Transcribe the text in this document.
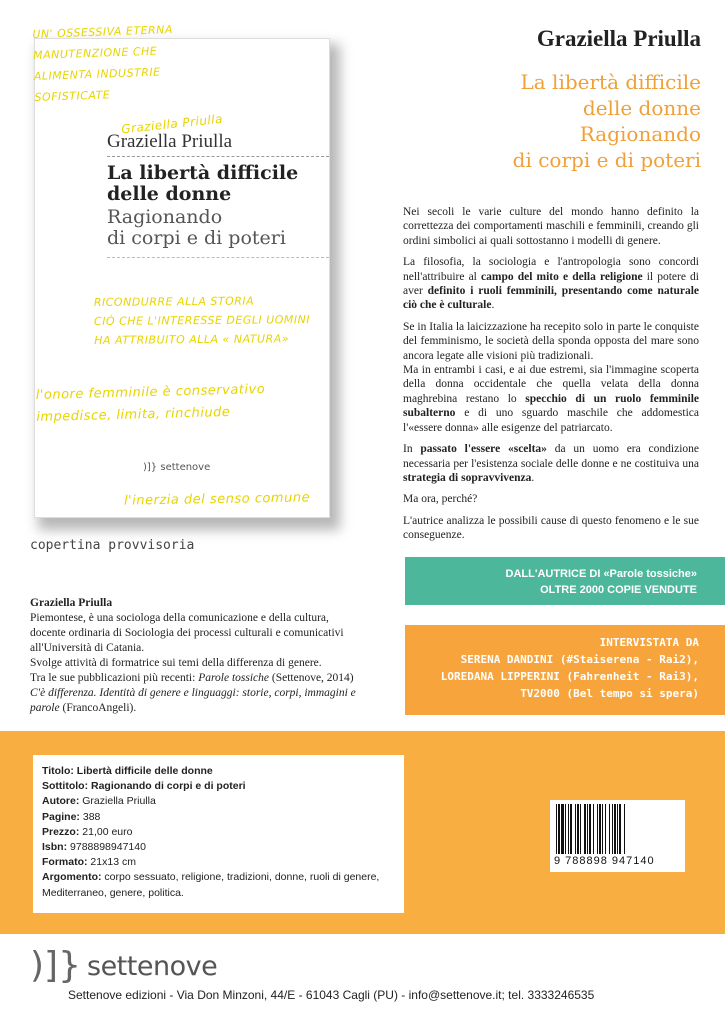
Graziella Priulla
Graziella Priulla
La libertà difficile
delle donne
Ragionando
di corpi e di poteri
)]} settenove
UN' OSSESSIVA ETERNA
MANUTENZIONE CHE
ALIMENTA INDUSTRIE
SOFISTICATE
RICONDURRE ALLA STORIA
CIÒ CHE L'INTERESSE DEGLI UOMINI
HA ATTRIBUITO ALLA « NATURA»
l'onore femminile è conservativo
impedisce, limita, rinchiude
l'inerzia del senso comune
copertina provvisoria
Graziella Priulla
Piemontese, è una sociologa della comunicazione e della cultura, docente ordinaria di Sociologia dei processi culturali e comunicativi all'Università di Catania.
Svolge attività di formatrice sui temi della differenza di genere.
Tra le sue pubblicazioni più recenti: Parole tossiche (Settenove, 2014) C'è differenza. Identità di genere e linguaggi: storie, corpi, immagini e parole (FrancoAngeli).
Graziella Priulla
La libertà difficile
delle donne
Ragionando
di corpi e di poteri

Nei secoli le varie culture del mondo hanno definito la correttezza dei comportamenti maschili e femminili, creando gli ordini simbolici ai quali sottostanno i modelli di genere.

La filosofia, la sociologia e l'antropologia sono concordi nell'attribuire al campo del mito e della religione il potere di aver definito i ruoli femminili, presentando come naturale ciò che è culturale.

Se in Italia la laicizzazione ha recepito solo in parte le conquiste del femminismo, le società della sponda opposta del mare sono ancora legate alle visioni più tradizionali.

Ma in entrambi i casi, e ai due estremi, sia l'immagine scoperta della donna occidentale che quella velata della donna maghrebina restano lo specchio di un ruolo femminile subalterno e di uno sguardo maschile che addomestica l'«essere donna» alle esigenze del patriarcato.

In passato l'essere «scelta» da un uomo era condizione necessaria per l'esistenza sociale delle donne e ne costituiva una strategia di sopravvivenza.

Ma ora, perché?

L'autrice analizza le possibili cause di questo fenomeno e le sue conseguenze.

DALL'AUTRICE DI «Parole tossiche»
OLTRE 2000 COPIE VENDUTE
INTERVISTATA DA
SERENA DANDINI (#Staiserena - Rai2),
LOREDANA LIPPERINI (Fahrenheit - Rai3),
TV2000 (Bel tempo si spera)
Titolo: Libertà difficile delle donne
Sottitolo: Ragionando di corpi e di poteri
Autore: Graziella Priulla
Pagine: 388
Prezzo: 21,00 euro
Isbn: 9788898947140
Formato: 21x13 cm
Argomento: corpo sessuato, religione, tradizioni, donne, ruoli di genere, Mediterraneo, genere, politica.
9 788898 947140
)]} settenove
Settenove edizioni - Via Don Minzoni, 44/E - 61043 Cagli (PU) - info@settenove.it; tel. 3333246535
